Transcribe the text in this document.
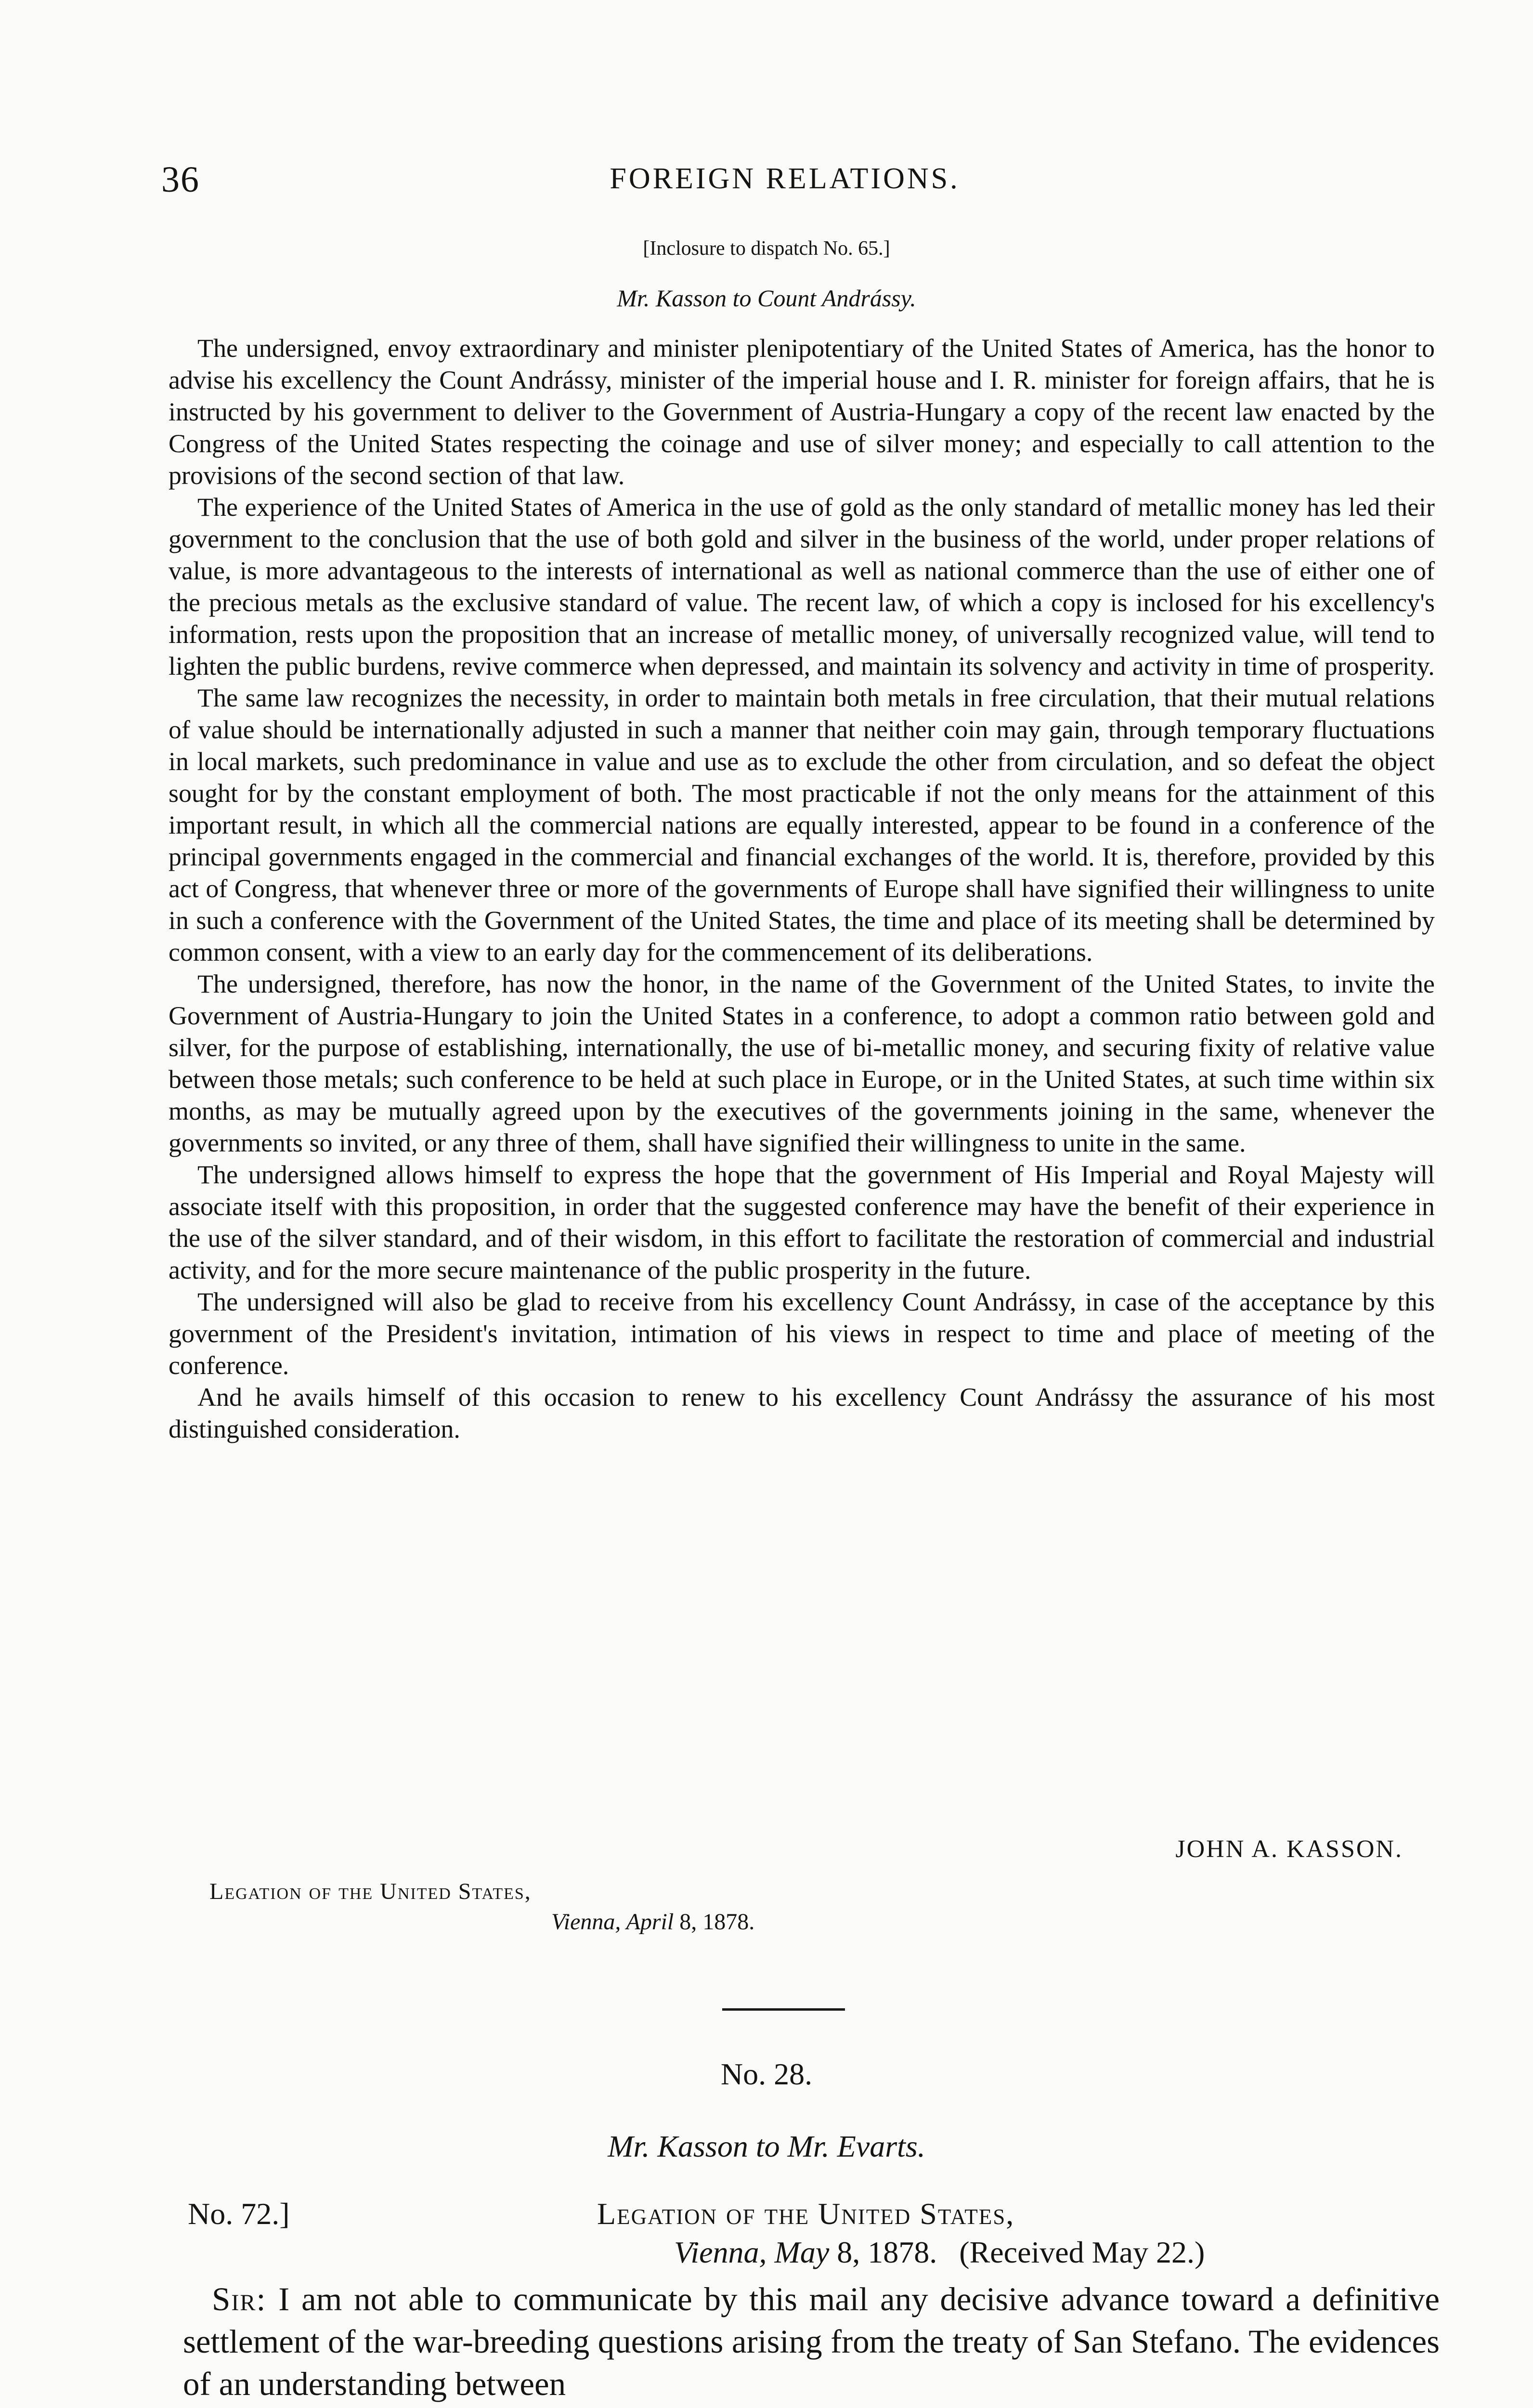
36	FOREIGN RELATIONS.
[Inclosure to dispatch No. 65.]
Mr. Kasson to Count Andrássy.

The undersigned, envoy extraordinary and minister plenipotentiary of the United States of America, has the honor to advise his excellency the Count Andrássy, minister of the imperial house and I. R. minister for foreign affairs, that he is instructed by his government to deliver to the Government of Austria-Hungary a copy of the recent law enacted by the Congress of the United States respecting the coinage and use of silver money; and especially to call attention to the provisions of the second section of that law.

The experience of the United States of America in the use of gold as the only standard of metallic money has led their government to the conclusion that the use of both gold and silver in the business of the world, under proper relations of value, is more advantageous to the interests of international as well as national commerce than the use of either one of the precious metals as the exclusive standard of value. The recent law, of which a copy is inclosed for his excellency's information, rests upon the proposition that an increase of metallic money, of universally recognized value, will tend to lighten the public burdens, revive commerce when depressed, and maintain its solvency and activity in time of prosperity.

The same law recognizes the necessity, in order to maintain both metals in free circulation, that their mutual relations of value should be internationally adjusted in such a manner that neither coin may gain, through temporary fluctuations in local markets, such predominance in value and use as to exclude the other from circulation, and so defeat the object sought for by the constant employment of both. The most practicable if not the only means for the attainment of this important result, in which all the commercial nations are equally interested, appear to be found in a conference of the principal governments engaged in the commercial and financial exchanges of the world. It is, therefore, provided by this act of Congress, that whenever three or more of the governments of Europe shall have signified their willingness to unite in such a conference with the Government of the United States, the time and place of its meeting shall be determined by common consent, with a view to an early day for the commencement of its deliberations.

The undersigned, therefore, has now the honor, in the name of the Government of the United States, to invite the Government of Austria-Hungary to join the United States in a conference, to adopt a common ratio between gold and silver, for the purpose of establishing, internationally, the use of bi-metallic money, and securing fixity of relative value between those metals; such conference to be held at such place in Europe, or in the United States, at such time within six months, as may be mutually agreed upon by the executives of the governments joining in the same, whenever the governments so invited, or any three of them, shall have signified their willingness to unite in the same.

The undersigned allows himself to express the hope that the government of His Imperial and Royal Majesty will associate itself with this proposition, in order that the suggested conference may have the benefit of their experience in the use of the silver standard, and of their wisdom, in this effort to facilitate the restoration of commercial and industrial activity, and for the more secure maintenance of the public prosperity in the future.

The undersigned will also be glad to receive from his excellency Count Andrássy, in case of the acceptance by this government of the President's invitation, intimation of his views in respect to time and place of meeting of the conference.

And he avails himself of this occasion to renew to his excellency Count Andrássy the assurance of his most distinguished consideration.

JOHN A. KASSON.
Legation of the United States,
Vienna, April 8, 1878.
No. 28.
Mr. Kasson to Mr. Evarts.
No. 72.]	Legation of the United States,
Vienna, May 8, 1878. (Received May 22.)

Sir: I am not able to communicate by this mail any decisive advance toward a definitive settlement of the war-breeding questions arising from the treaty of San Stefano. The evidences of an understanding between
